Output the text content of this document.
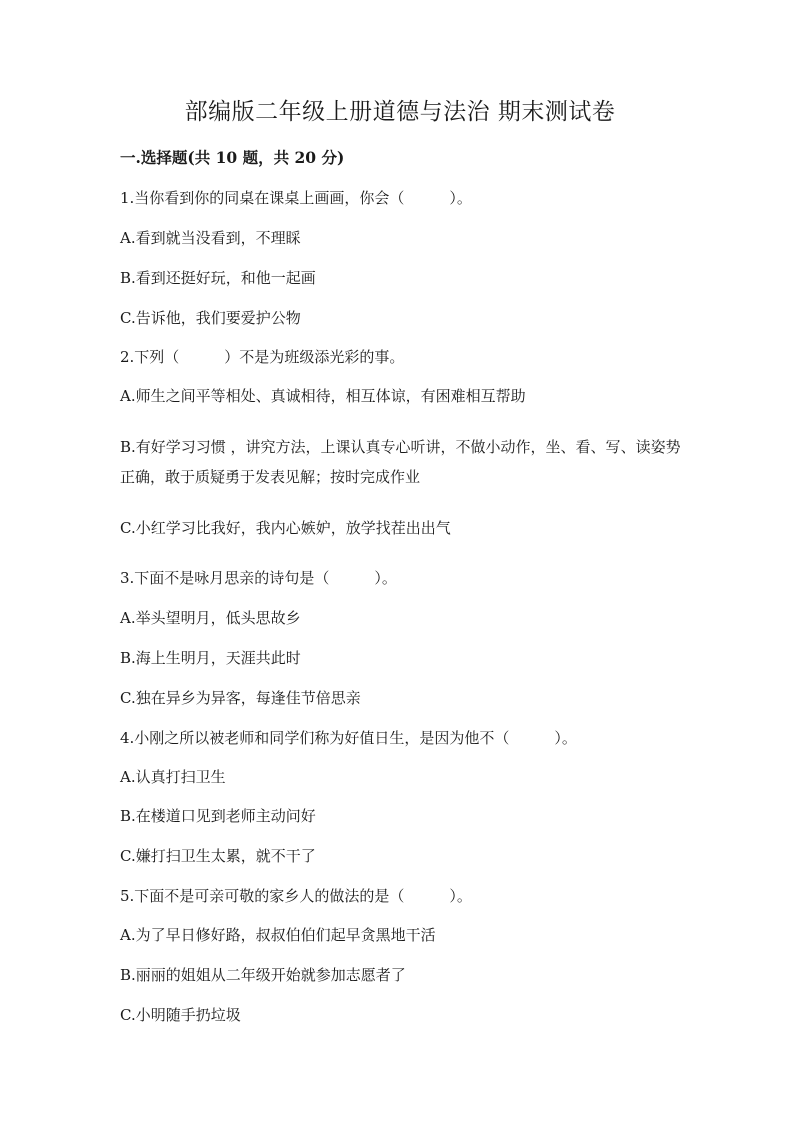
部编版二年级上册道德与法治 期末测试卷
一.选择题(共 10 题，共 20 分)
1.当你看到你的同桌在课桌上画画，你会（　　　）。
A.看到就当没看到，不理睬
B.看到还挺好玩，和他一起画
C.告诉他，我们要爱护公物
2.下列（　　　）不是为班级添光彩的事。
A.师生之间平等相处、真诚相待，相互体谅，有困难相互帮助
B.有好学习习惯 ，讲究方法，上课认真专心听讲，不做小动作，坐、看、写、读姿势正确，敢于质疑勇于发表见解；按时完成作业
C.小红学习比我好，我内心嫉妒，放学找茬出出气
3.下面不是咏月思亲的诗句是（　　　）。
A.举头望明月，低头思故乡
B.海上生明月，天涯共此时
C.独在异乡为异客，每逢佳节倍思亲
4.小刚之所以被老师和同学们称为好值日生，是因为他不（　　　）。
A.认真打扫卫生
B.在楼道口见到老师主动问好
C.嫌打扫卫生太累，就不干了
5.下面不是可亲可敬的家乡人的做法的是（　　　）。
A.为了早日修好路，叔叔伯伯们起早贪黑地干活
B.丽丽的姐姐从二年级开始就参加志愿者了
C.小明随手扔垃圾
